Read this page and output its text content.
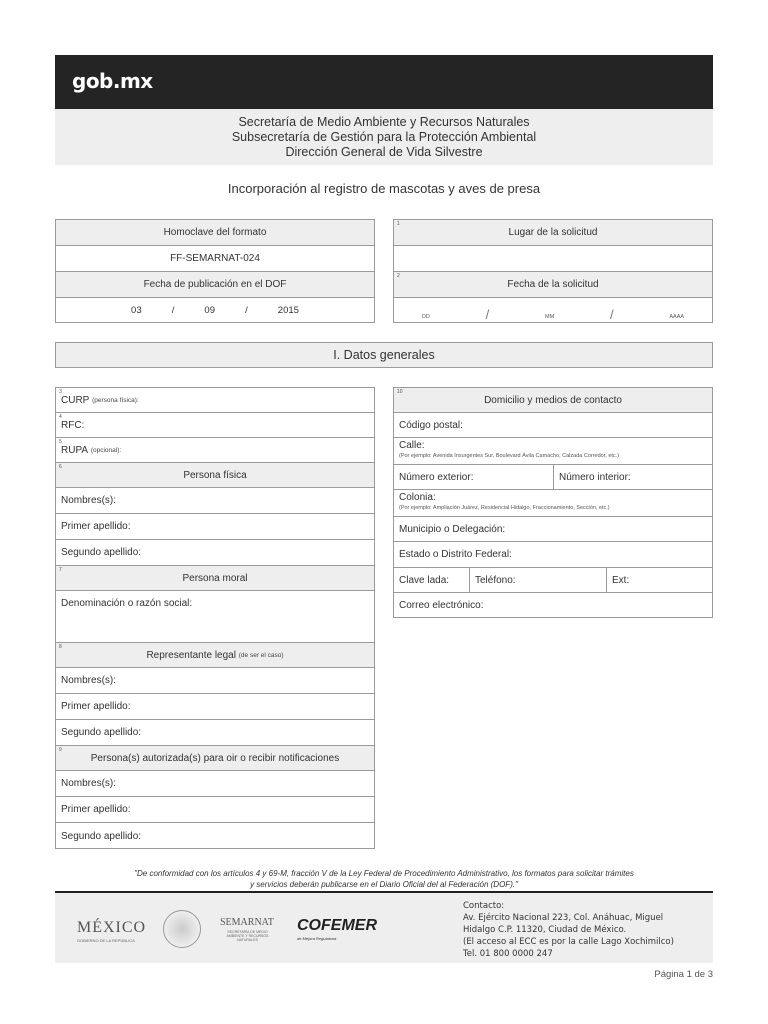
gob.mx
Secretaría de Medio Ambiente y Recursos Naturales
Subsecretaría de Gestión para la Protección Ambiental
Dirección General de Vida Silvestre
Incorporación al registro de mascotas y aves de presa
Homoclave del formato
FF-SEMARNAT-024
Fecha de publicación en el DOF
03	/	09	/	2015
1
Lugar de la solicitud
2
Fecha de la solicitud
DD	/	MM	/	AAAA
I. Datos generales
3
CURP
(persona física):
4
RFC:
5
RUPA
(opcional):
6
Persona física
Nombres(s):
Primer apellido:
Segundo apellido:
7
Persona moral
Denominación o razón social:
8
Representante legal
(de ser el caso)
Nombres(s):
Primer apellido:
Segundo apellido:
9
Persona(s) autorizada(s) para oir o recibir notificaciones
Nombres(s):
Primer apellido:
Segundo apellido:
10
Domicilio y medios de contacto
Código postal:
Calle:
(Por ejemplo: Avenida Insurgentes Sur, Boulevard Ávila Camacho, Calzada Corredor, etc.)
Número exterior:	Número interior:
Colonia:
(Por ejemplo: Ampliación Juárez, Residencial Hidalgo, Fraccionamiento, Sección, etc.)
Municipio o Delegación:
Estado o Distrito Federal:
Clave lada:	Teléfono:	Ext:
Correo electrónico:
"De conformidad con los artículos 4 y 69-M, fracción V de la Ley Federal de Procedimiento Administrativo, los formatos para solicitar trámites
y servicios deberán publicarse en el Diario Oficial del al Federación (DOF)."
MÉXICO
GOBIERNO DE LA REPÚBLICA
SEMARNAT
SECRETARÍA DE MEDIO AMBIENTE Y RECURSOS NATURALES
COFEMER
de Mejora Regulatoria
Contacto:
Av. Ejército Nacional 223, Col. Anáhuac, Miguel
Hidalgo C.P. 11320, Ciudad de México.
(El acceso al ECC es por la calle Lago Xochimilco)
Tel. 01 800 0000 247
Página 1 de 3
